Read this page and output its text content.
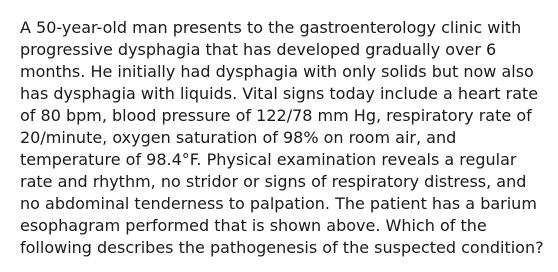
A 50-year-old man presents to the gastroenterology clinic with
progressive dysphagia that has developed gradually over 6
months. He initially had dysphagia with only solids but now also
has dysphagia with liquids. Vital signs today include a heart rate
of 80 bpm, blood pressure of 122/78 mm Hg, respiratory rate of
20/minute, oxygen saturation of 98% on room air, and
temperature of 98.4°F. Physical examination reveals a regular
rate and rhythm, no stridor or signs of respiratory distress, and
no abdominal tenderness to palpation. The patient has a barium
esophagram performed that is shown above. Which of the
following describes the pathogenesis of the suspected condition?
